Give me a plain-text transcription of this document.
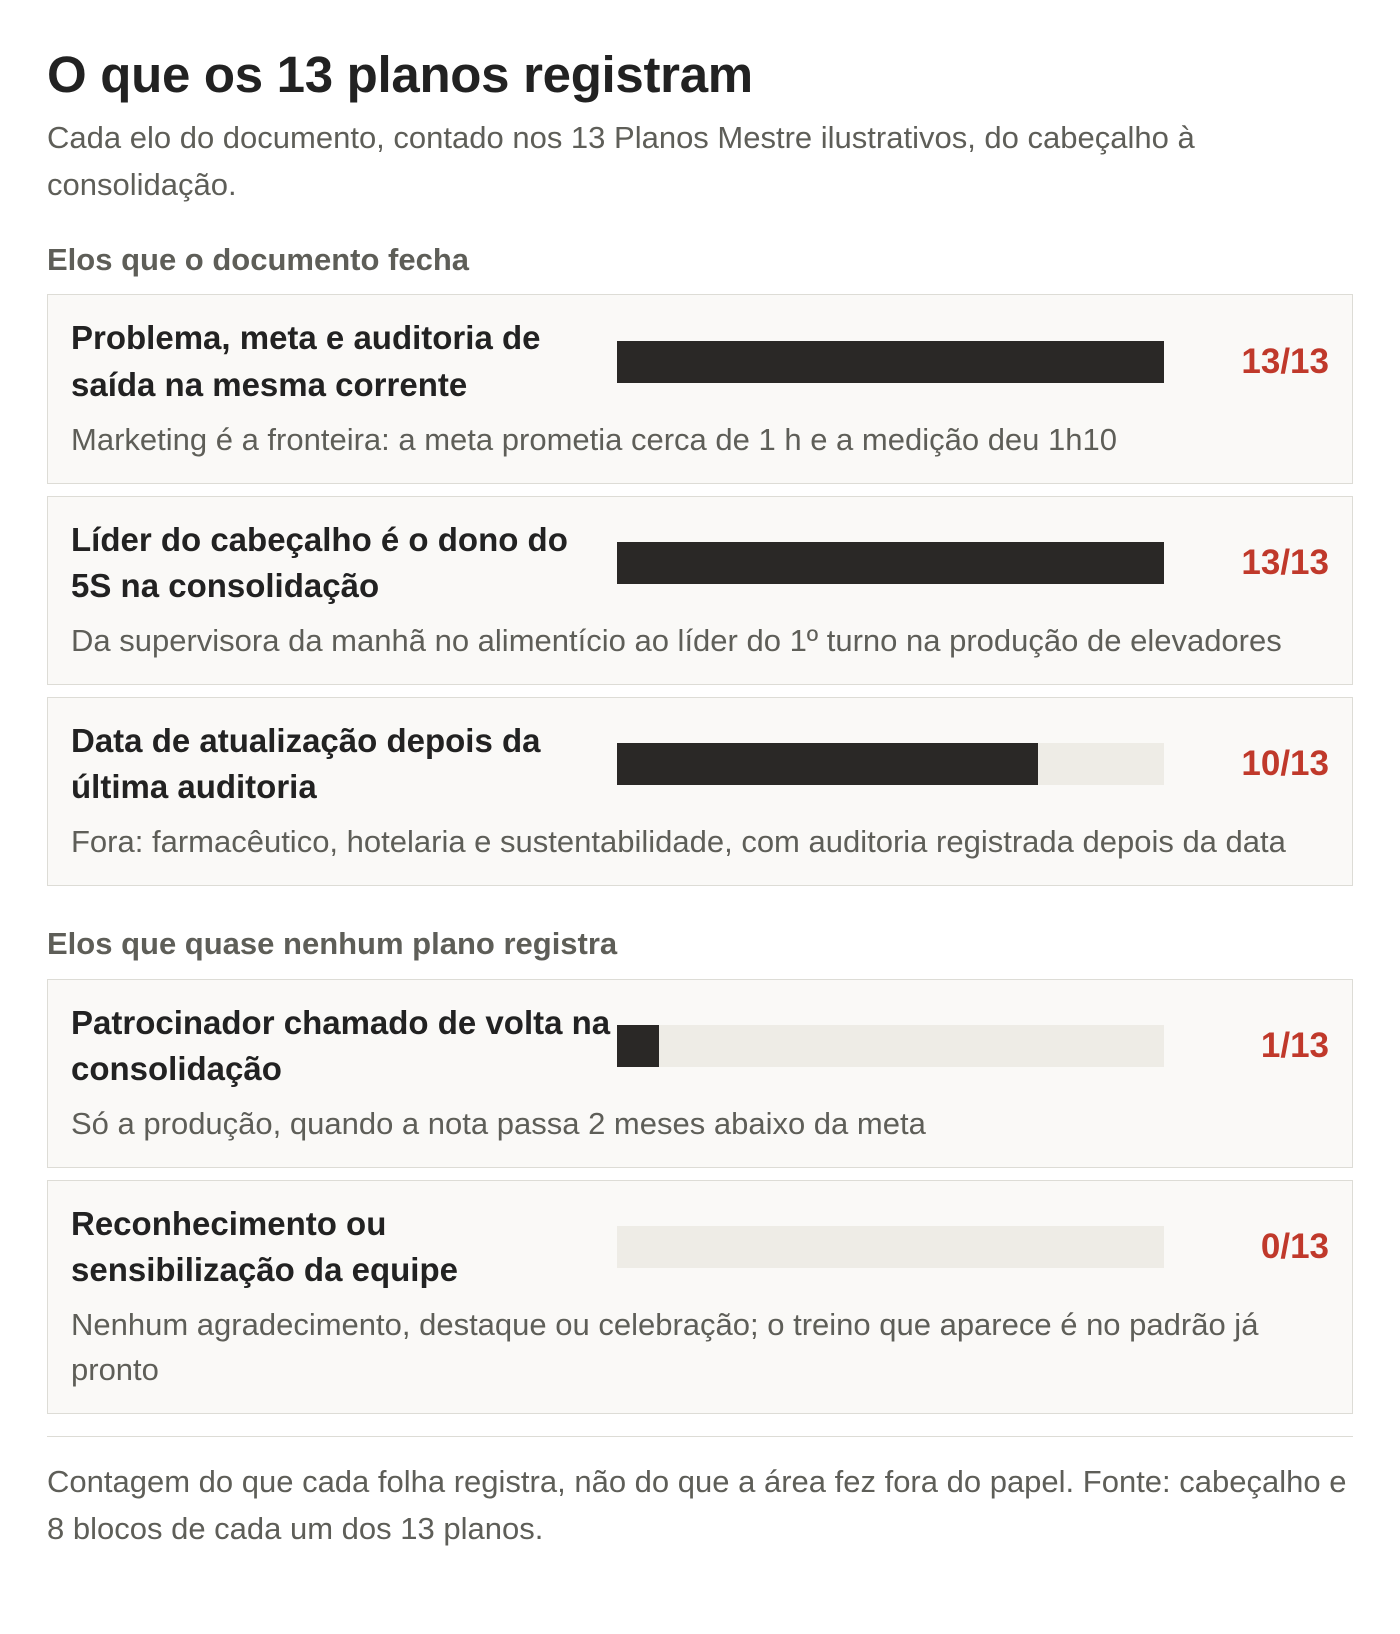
O que os 13 planos registram

Cada elo do documento, contado nos 13 Planos Mestre ilustrativos, do cabeçalho à consolidação.

Elos que o documento fecha
Problema, meta e auditoria de saída na mesma corrente
13/13
Marketing é a fronteira: a meta prometia cerca de 1 h e a medição deu 1h10
Líder do cabeçalho é o dono do 5S na consolidação
13/13
Da supervisora da manhã no alimentício ao líder do 1º turno na produção de elevadores
Data de atualização depois da última auditoria
10/13
Fora: farmacêutico, hotelaria e sustentabilidade, com auditoria registrada depois da data
Elos que quase nenhum plano registra
Patrocinador chamado de volta na consolidação
1/13
Só a produção, quando a nota passa 2 meses abaixo da meta
Reconhecimento ou sensibilização da equipe
0/13
Nenhum agradecimento, destaque ou celebração; o treino que aparece é no padrão já pronto

Contagem do que cada folha registra, não do que a área fez fora do papel. Fonte: cabeçalho e 8 blocos de cada um dos 13 planos.
